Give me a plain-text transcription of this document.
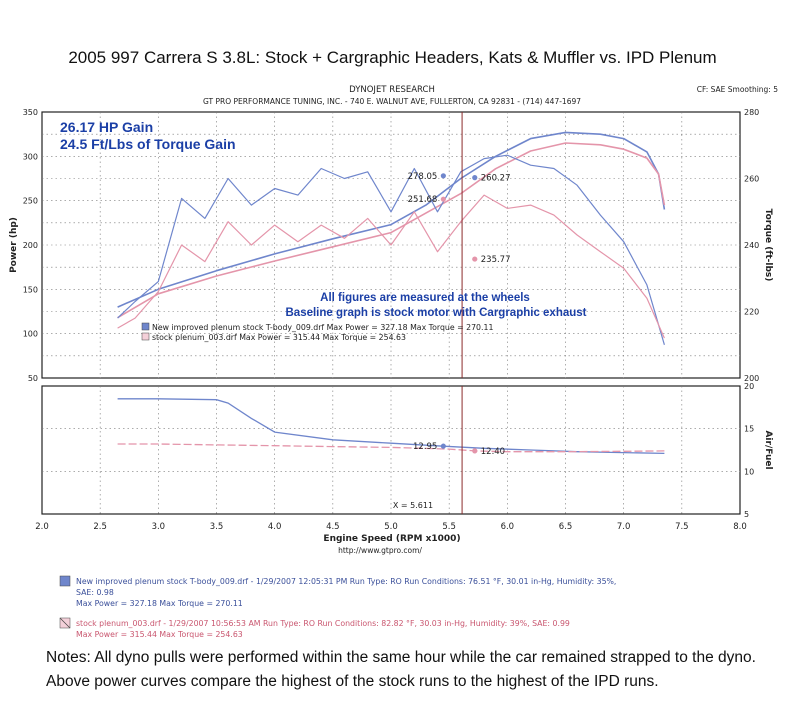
2005 997 Carrera S 3.8L: Stock + Cargraphic Headers, Kats & Muffler vs. IPD Plenum
DYNOJET RESEARCH
GT PRO PERFORMANCE TUNING, INC. - 740 E. WALNUT AVE, FULLERTON, CA 92831 - (714) 447-1697
CF: SAE Smoothing: 5
2.0	2.5	3.0	3.5	4.0	4.5	5.0	5.5	6.0	6.5	7.0	7.5	8.0
50
100
150
200
250
300
350
200
220
240
260
280
5
10
15
20
Power (hp)	Torque (ft-lbs)
Air/Fuel
Engine Speed (RPM x1000)
http://www.gtpro.com/
278.05	260.27
251.68
235.77
12.95	12.40
X = 5.611
26.17 HP Gain
24.5 Ft/Lbs of Torque Gain
All figures are measured at the wheels
Baseline graph is stock motor with Cargraphic exhaust
New improved plenum stock T-body_009.drf Max Power = 327.18 Max Torque = 270.11
stock plenum_003.drf Max Power = 315.44 Max Torque = 254.63
New improved plenum stock T-body_009.drf - 1/29/2007 12:05:31 PM Run Type: RO Run Conditions: 76.51 °F, 30.01 in-Hg, Humidity: 35%,
SAE: 0.98
Max Power = 327.18 Max Torque = 270.11
stock plenum_003.drf - 1/29/2007 10:56:53 AM Run Type: RO Run Conditions: 82.82 °F, 30.03 in-Hg, Humidity: 39%, SAE: 0.99
Max Power = 315.44 Max Torque = 254.63
Notes: All dyno pulls were performed within the same hour while the car remained strapped to the dyno. Above power curves compare the highest of the stock runs to the highest of the IPD runs.
